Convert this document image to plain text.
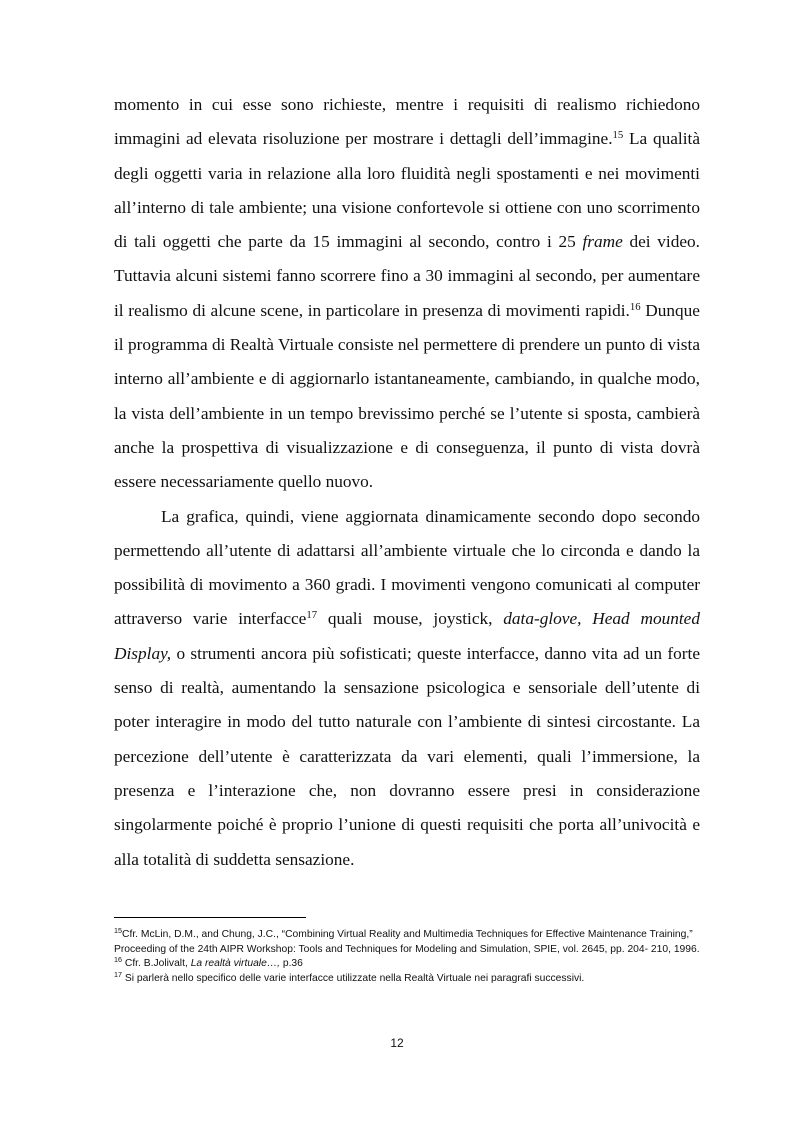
momento in cui esse sono richieste, mentre i requisiti di realismo richiedono immagini ad elevata risoluzione per mostrare i dettagli dell’immagine.$^{15}$ La qualità degli oggetti varia in relazione alla loro fluidità negli spostamenti e nei movimenti all’interno di tale ambiente; una visione confortevole si ottiene con uno scorrimento di tali oggetti che parte da 15 immagini al secondo, contro i 25 frame dei video. Tuttavia alcuni sistemi fanno scorrere fino a 30 immagini al secondo, per aumentare il realismo di alcune scene, in particolare in presenza di movimenti rapidi.$^{16}$ Dunque il programma di Realtà Virtuale consiste nel permettere di prendere un punto di vista interno all’ambiente e di aggiornarlo istantaneamente, cambiando, in qualche modo, la vista dell’ambiente in un tempo brevissimo perché se l’utente si sposta, cambierà anche la prospettiva di visualizzazione e di conseguenza, il punto di vista dovrà essere necessariamente quello nuovo.

La grafica, quindi, viene aggiornata dinamicamente secondo dopo secondo permettendo all’utente di adattarsi all’ambiente virtuale che lo circonda e dando la possibilità di movimento a 360 gradi. I movimenti vengono comunicati al computer attraverso varie interfacce$^{17}$ quali mouse, joystick, data-glove, Head mounted Display, o strumenti ancora più sofisticati; queste interfacce, danno vita ad un forte senso di realtà, aumentando la sensazione psicologica e sensoriale dell’utente di poter interagire in modo del tutto naturale con l’ambiente di sintesi circostante. La percezione dell’utente è caratterizzata da vari elementi, quali l’immersione, la presenza e l’interazione che, non dovranno essere presi in considerazione singolarmente poiché è proprio l’unione di questi requisiti che porta all’univocità e alla totalità di suddetta sensazione.

$^{15}$Cfr. McLin, D.M., and Chung, J.C., “Combining Virtual Reality and Multimedia Techniques for Effective Maintenance Training,” Proceeding of the 24th AIPR Workshop: Tools and Techniques for Modeling and Simulation, SPIE, vol. 2645, pp. 204- 210, 1996.

$^{16}$ Cfr. B.Jolivalt, La realtà virtuale…, p.36

$^{17}$ Si parlerà nello specifico delle varie interfacce utilizzate nella Realtà Virtuale nei paragrafi successivi.

12
